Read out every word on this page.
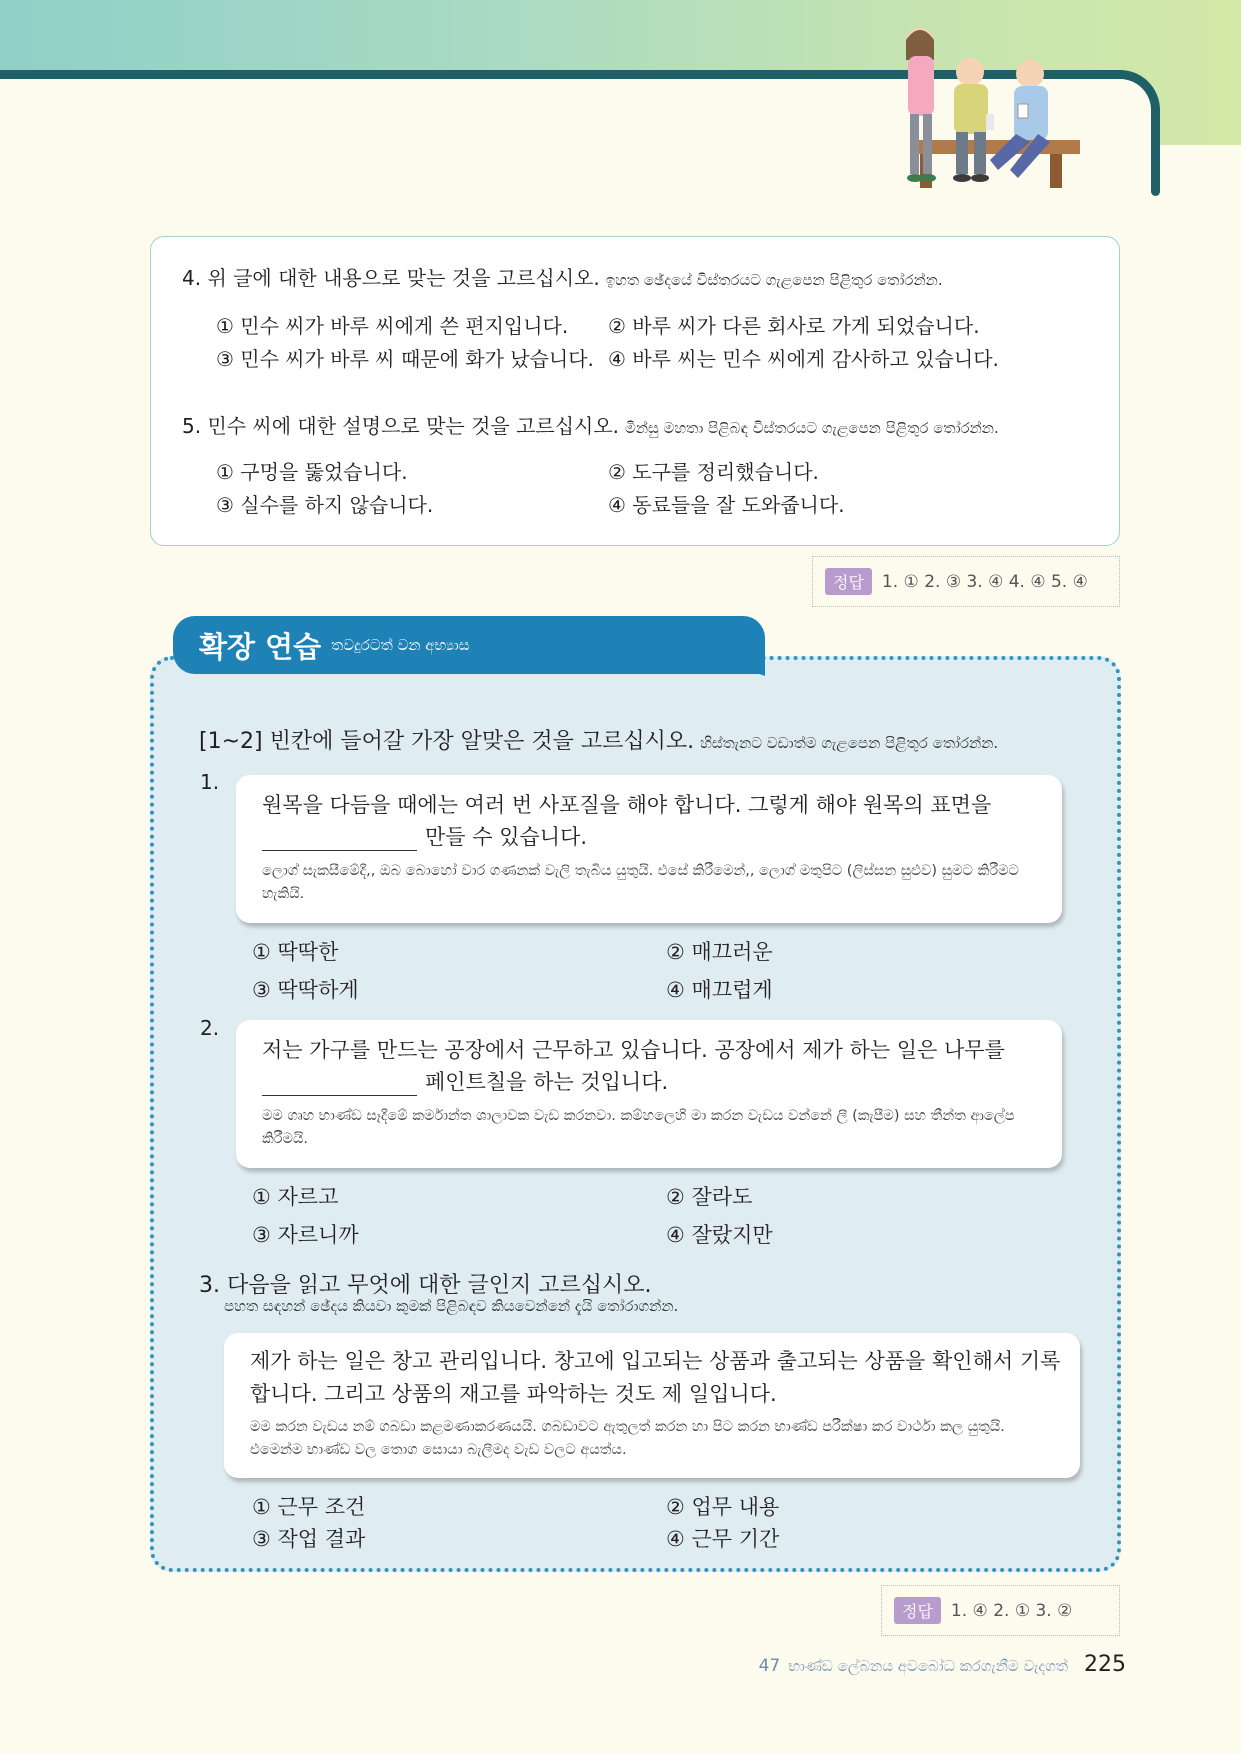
4. 위 글에 대한 내용으로 맞는 것을 고르십시오. ඉහත ඡේදයේ විස්තරයට ගැළපෙන පිළිතුර තෝරන්න.
① 민수 씨가 바루 씨에게 쓴 편지입니다. ② 바루 씨가 다른 회사로 가게 되었습니다.
③ 민수 씨가 바루 씨 때문에 화가 났습니다. ④ 바루 씨는 민수 씨에게 감사하고 있습니다.
5. 민수 씨에 대한 설명으로 맞는 것을 고르십시오. මින්සු මහතා පිළිබඳ විස්තරයට ගැළපෙන පිළිතුර තෝරන්න.
① 구멍을 뚫었습니다.	② 도구를 정리했습니다.
③ 실수를 하지 않습니다.	④ 동료들을 잘 도와줍니다.
정답	1. ① 2. ③ 3. ④ 4. ④ 5. ④
확장 연습 තවදුරටත් වන අභ්‍යාස
[1~2] 빈칸에 들어갈 가장 알맞은 것을 고르십시오. හිස්තැනට වඩාත්ම ගැළපෙන පිළිතුර තෝරන්න.
1.
원목을 다듬을 때에는 여러 번 사포질을 해야 합니다. 그렇게 해야 원목의 표면을
만들 수 있습니다.
ලොග් සැකසීමේදී,, ඔබ බොහෝ වාර ගණනක් වැලි තැබිය යුතුයි. එසේ කිරීමෙන්,, ලොග් මතුපිට (ලිස්සන සුළුව) සුමට කිරීමට හැකියි.
① 딱딱한	② 매끄러운
③ 딱딱하게	④ 매끄럽게
2.
저는 가구를 만드는 공장에서 근무하고 있습니다. 공장에서 제가 하는 일은 나무를
페인트칠을 하는 것입니다.
මම ගෘහ භාණ්ඩ සෑදීමේ කර්මාන්ත ශාලාවක වැඩ කරනවා. කම්හලෙහි මා කරන වැඩය වන්නේ ලී (කැපීම) සහ තීන්ත ආලේප කිරීමයි.
① 자르고	② 잘라도
③ 자르니까	④ 잘랐지만
3. 다음을 읽고 무엇에 대한 글인지 고르십시오.
පහත සඳහන් ඡේදය කියවා කුමක් පිළිබඳව කියවෙන්නේ දැයි තෝරාගන්න.
제가 하는 일은 창고 관리입니다. 창고에 입고되는 상품과 출고되는 상품을 확인해서 기록
합니다. 그리고 상품의 재고를 파악하는 것도 제 일입니다.
මම කරන වැඩය නම් ගබඩා කළමණාකරණයයි. ගබඩාවට ඇතුලත් කරන හා පිට කරන භාණ්ඩ පරීක්ෂා කර වාර්ථා කල යුතුයි. එමෙන්ම භාණ්ඩ වල තොග සොයා බැලීමද වැඩ වලට අයත්ය.
① 근무 조건	② 업무 내용
③ 작업 결과	④ 근무 기간
정답	1. ④ 2. ① 3. ②
47 භාණ්ඩ ලේබනය අවබෝධ කරගැනීම වැදගත් 225
